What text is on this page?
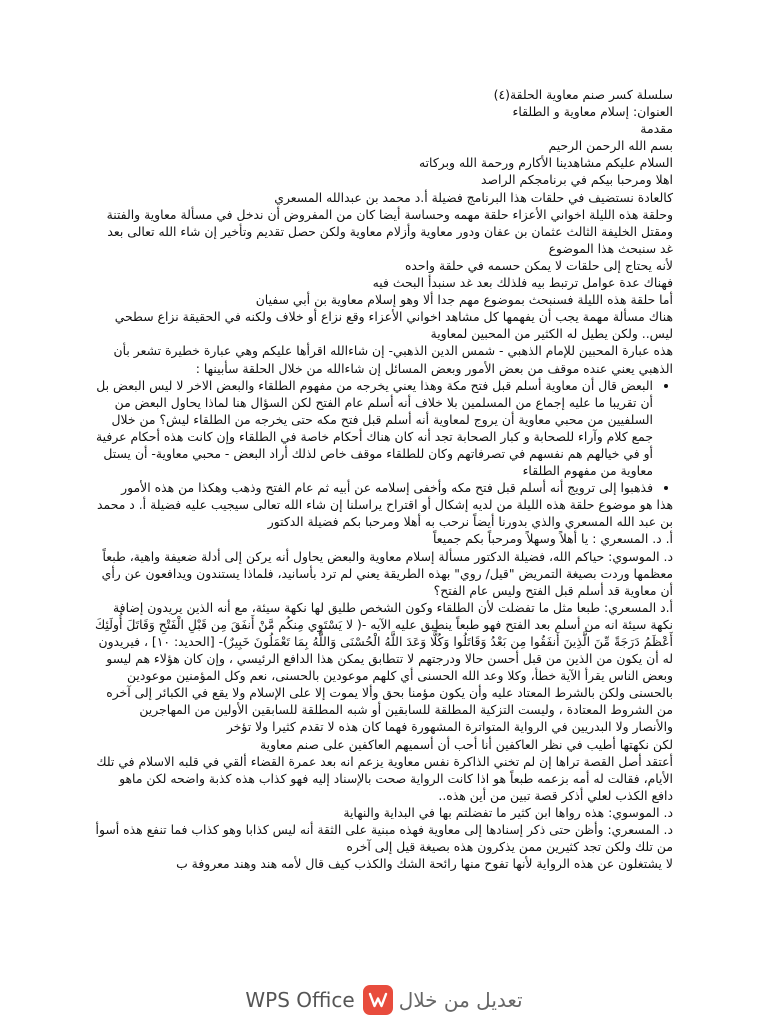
سلسلة كسر صنم معاوية الحلقة(٤)

العنوان: إسلام معاوية و الطلقاء

مقدمة

بسم الله الرحمن الرحيم

السلام عليكم مشاهدينا الأكارم ورحمة الله وبركاته

اهلا ومرحبا بيكم في برنامجكم الراصد

كالعادة نستضيف في حلقات هذا البرنامج فضيلة أ.د محمد بن عبدالله المسعري

وحلقة هذه الليلة اخواني الأعزاء حلقة مهمه وحساسة أيضا كان من المفروض أن ندخل في مسألة معاوية والفتنة ومقتل الخليفة الثالث عثمان بن عفان ودور معاوية وأزلام معاوية ولكن حصل تقديم وتأخير إن شاء الله تعالى بعد غد سنبحث هذا الموضوع

لأنه يحتاج إلى حلقات لا يمكن حسمه في حلقة واحده

فهناك عدة عوامل ترتبط بيه فلذلك بعد غد سنبدأ البحث فيه

أما حلقة هذه الليلة فسنبحث بموضوع مهم جدا ألا وهو إسلام معاوية بن أبي سفيان

هناك مسألة مهمة يجب أن يفهمها كل مشاهد اخواني الأعزاء وقع نزاع أو خلاف ولكنه في الحقيقة نزاع سطحي ليس.. ولكن يطيل له الكثير من المحبين لمعاوية

هذه عبارة المحبين للإمام الذهبي - شمس الدين الذهبي- إن شاءالله اقرأها عليكم وهي عبارة خطيرة تشعر بأن الذهبي يعني عنده موقف من بعض الأمور وبعض المسائل إن شاءالله من خلال الحلقة سأبينها :

• البعض قال أن معاوية أسلم قبل فتح مكة وهذا يعني يخرجه من مفهوم الطلقاء والبعض الاخر لا ليس البعض بل أن تقريبا ما عليه إجماع من المسلمين بلا خلاف أنه أسلم عام الفتح لكن السؤال هنا لماذا يحاول البعض من السلفيين من محبي معاوية أن يروج لمعاوية أنه أسلم قبل فتح مكه حتى يخرجه من الطلقاء ليش؟ من خلال جمع كلام وآراء للصحابة و كبار الصحابة تجد أنه كان هناك أحكام خاصة في الطلقاء وإن كانت هذه أحكام عرفية أو في خيالهم هم نفسهم في تصرفاتهم وكان للطلقاء موقف خاص لذلك أراد البعض - محبي معاوية- أن يستل معاوية من مفهوم الطلقاء
• فذهبوا إلى ترويج أنه أسلم قبل فتح مكه وأخفى إسلامه عن أبيه ثم عام الفتح وذهب وهكذا من هذه الأمور

هذا هو موضوع حلقة هذه الليلة من لديه إشكال أو اقتراح يراسلنا إن شاء الله تعالى سيجيب عليه فضيلة أ. د محمد بن عبد الله المسعري والذي بدورنا أيضاً نرحب به أهلا ومرحبا بكم فضيلة الدكتور

أ. د. المسعري : يا أهلاً وسهلاً ومرحباً بكم جميعاً

د. الموسوي: حياكم الله، فضيلة الدكتور مسألة إسلام معاوية والبعض يحاول أنه يركن إلى أدلة ضعيفة واهية، طبعاً معظمها وردت بصيغة التمريض "قيل/ روي" بهذه الطريقة يعني لم ترد بأسانيد، فلماذا يستندون ويدافعون عن رأي أن معاوية قد أسلم قبل الفتح وليس عام الفتح؟

أ.د المسعري: طبعا مثل ما تفضلت لأن الطلقاء وكون الشخص طليق لها نكهة سيئة، مع أنه الذين يريدون إضافة نكهة سيئة انه من أسلم بعد الفتح فهو طبعاً ينطبق عليه الآيه -( لا يَسْتَوِي مِنكُم مَّنْ أَنفَقَ مِن قَبْلِ الْفَتْحِ وَقَاتَلَ أُولَئِكَ أَعْظَمُ دَرَجَةً مِّنَ الَّذِينَ أَنفَقُوا مِن بَعْدُ وَقَاتَلُوا وَكُلًّا وَعَدَ اللَّهُ الْحُسْنَى وَاللَّهُ بِمَا تَعْمَلُونَ خَبِيرٌ)- [الحديد: ١٠] ، فيريدون له أن يكون من الذين من قبل أحسن حالا ودرجتهم لا تتطابق يمكن هذا الدافع الرئيسي ، وإن كان هؤلاء هم ليسو

وبعض الناس يقرأ الآية خطأ، وكلا وعد الله الحسنى أي كلهم موعودين بالحسنى، نعم وكل المؤمنين موعودين بالحسنى ولكن بالشرط المعتاد عليه وأن يكون مؤمنا بحق وألا يموت إلا على الإسلام ولا يقع في الكبائر إلى آخره

من الشروط المعتادة ، وليست التزكية المطلقة للسابقين أو شبه المطلقة للسابقين الأولين من المهاجرين والأنصار ولا البدريين في الرواية المتواترة المشهورة فهما كان هذه لا تقدم كثيرا ولا تؤخر

لكن نكهتها أطيب في نظر العاكفين أنا أحب أن أسميهم العاكفين على صنم معاوية

أعتقد أصل القصة تراها إن لم تخني الذاكرة نفس معاوية يزعم انه بعد عمرة القضاء ألقي في قلبه الاسلام في تلك الأيام، فقالت له أمه بزعمه طبعاً هو اذا كانت الرواية صحت بالإسناد إليه فهو كذاب هذه كذبة واضحه لكن ماهو دافع الكذب لعلي أذكر قصة تبين من أين هذه..

د. الموسوي: هذه رواها ابن كثير ما تفضلتم بها في البداية والنهاية

د. المسعري: وأظن حتى ذكر إسنادها إلى معاوية فهذه مبنية على الثقة أنه ليس كذابا وهو كذاب فما تنفع هذه أسوأ من تلك ولكن تجد كثيرين ممن يذكرون هذه بصيغة قيل إلى آخره

لا يشتغلون عن هذه الرواية لأنها تفوح منها رائحة الشك والكذب كيف قال لأمه هند وهند معروفة ب

تعديل من خلال
WPS Office
